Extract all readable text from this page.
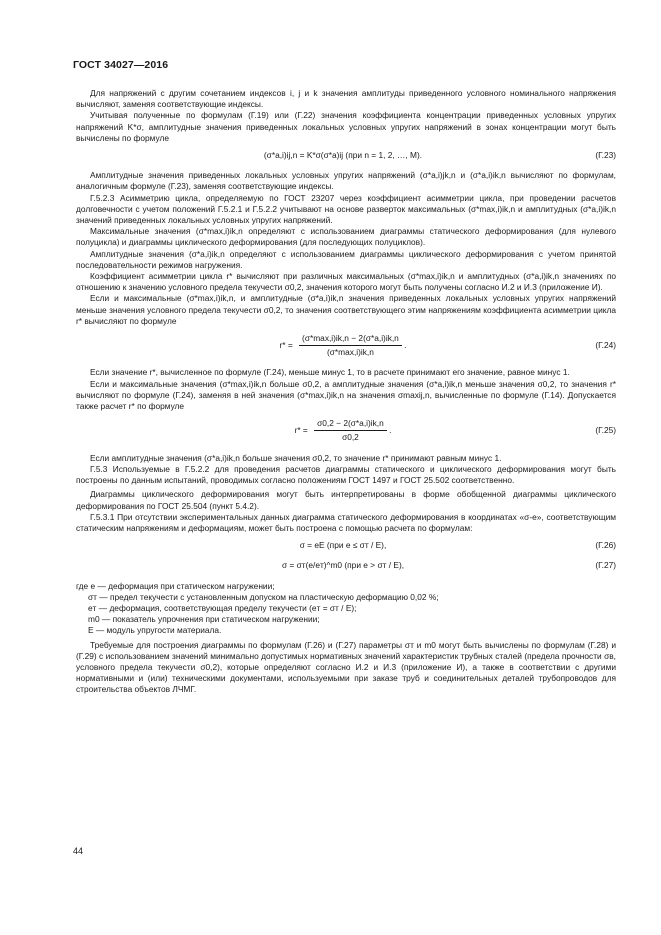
ГОСТ 34027—2016

Для напряжений с другим сочетанием индексов i, j и k значения амплитуды приведенного условного номинального напряжения вычисляют, заменяя соответствующие индексы.

Учитывая полученные по формулам (Г.19) или (Г.22) значения коэффициента концентрации приведенных условных упругих напряжений K*σ, амплитудные значения приведенных локальных условных упругих напряжений в зонах концентрации могут быть вычислены по формуле

(σ*a,i)ij,n = K*σ(σ*a)ij (при n = 1, 2, …, M).	(Г.23)

Амплитудные значения приведенных локальных условных упругих напряжений (σ*a,i)jk,n и (σ*a,i)ik,n вычисляют по формулам, аналогичным формуле (Г.23), заменяя соответствующие индексы.

Г.5.2.3 Асимметрию цикла, определяемую по ГОСТ 23207 через коэффициент асимметрии цикла, при проведении расчетов долговечности с учетом положений Г.5.2.1 и Г.5.2.2 учитывают на основе разверток максимальных (σ*max,i)ik,n и амплитудных (σ*a,i)ik,n значений приведенных локальных условных упругих напряжений.

Максимальные значения (σ*max,i)ik,n определяют с использованием диаграммы статического деформирования (для нулевого полуцикла) и диаграммы циклического деформирования (для последующих полуциклов).

Амплитудные значения (σ*a,i)ik,n определяют с использованием диаграммы циклического деформирования с учетом принятой последовательности режимов нагружения.

Коэффициент асимметрии цикла r* вычисляют при различных максимальных (σ*max,i)ik,n и амплитудных (σ*a,i)ik,n значениях по отношению к значению условного предела текучести σ0,2, значения которого могут быть получены согласно И.2 и И.3 (приложение И).

Если и максимальные (σ*max,i)ik,n, и амплитудные (σ*a,i)ik,n значения приведенных локальных условных упругих напряжений меньше значения условного предела текучести σ0,2, то значения соответствующего этим напряжениям коэффициента асимметрии цикла r* вычисляют по формуле

$r* = \frac{(\sigma*\max,i)ik,n - 2(\sigma*a,i)ik,n}{(\sigma*\max,i)ik,n}$ .	(Г.24)

Если значение r*, вычисленное по формуле (Г.24), меньше минус 1, то в расчете принимают его значение, равное минус 1.

Если и максимальные значения (σ*max,i)ik,n больше σ0,2, а амплитудные значения (σ*a,i)ik,n меньше значения σ0,2, то значения r* вычисляют по формуле (Г.24), заменяя в ней значения (σ*max,i)ik,n на значения σmaxij,n, вычисленные по формуле (Г.14). Допускается также расчет r* по формуле

$r* = \frac{\sigma 0,2 - 2(\sigma*a,i)ik,n}{\sigma 0,2}$ .	(Г.25)

Если амплитудные значения (σ*a,i)ik,n больше значения σ0,2, то значение r* принимают равным минус 1.

Г.5.3 Используемые в Г.5.2.2 для проведения расчетов диаграммы статического и циклического деформирования могут быть построены по данным испытаний, проводимых согласно положениям ГОСТ 1497 и ГОСТ 25.502 соответственно.

Диаграммы циклического деформирования могут быть интерпретированы в форме обобщенной диаграммы циклического деформирования по ГОСТ 25.504 (пункт 5.4.2).

Г.5.3.1 При отсутствии экспериментальных данных диаграмма статического деформирования в координатах «σ-e», соответствующим статическим напряжениям и деформациям, может быть построена с помощью расчета по формулам:

σ = eE (при e ≤ σт / E),	(Г.26)
σ = σт(e/eт)^m0 (при e > σт / E),	(Г.27)

где e — деформация при статическом нагружении;

σт — предел текучести с установленным допуском на пластическую деформацию 0,02 %;

eт — деформация, соответствующая пределу текучести (eт = σт / E);

m0 — показатель упрочнения при статическом нагружении;

E — модуль упругости материала.

Требуемые для построения диаграммы по формулам (Г.26) и (Г.27) параметры σт и m0 могут быть вычислены по формулам (Г.28) и (Г.29) с использованием значений минимально допустимых нормативных значений характеристик трубных сталей (предела прочности σв, условного предела текучести σ0,2), которые определяют согласно И.2 и И.3 (приложение И), а также в соответствии с другими нормативными и (или) техническими документами, используемыми при заказе труб и соединительных деталей трубопроводов для строительства объектов ЛЧМГ.

44
